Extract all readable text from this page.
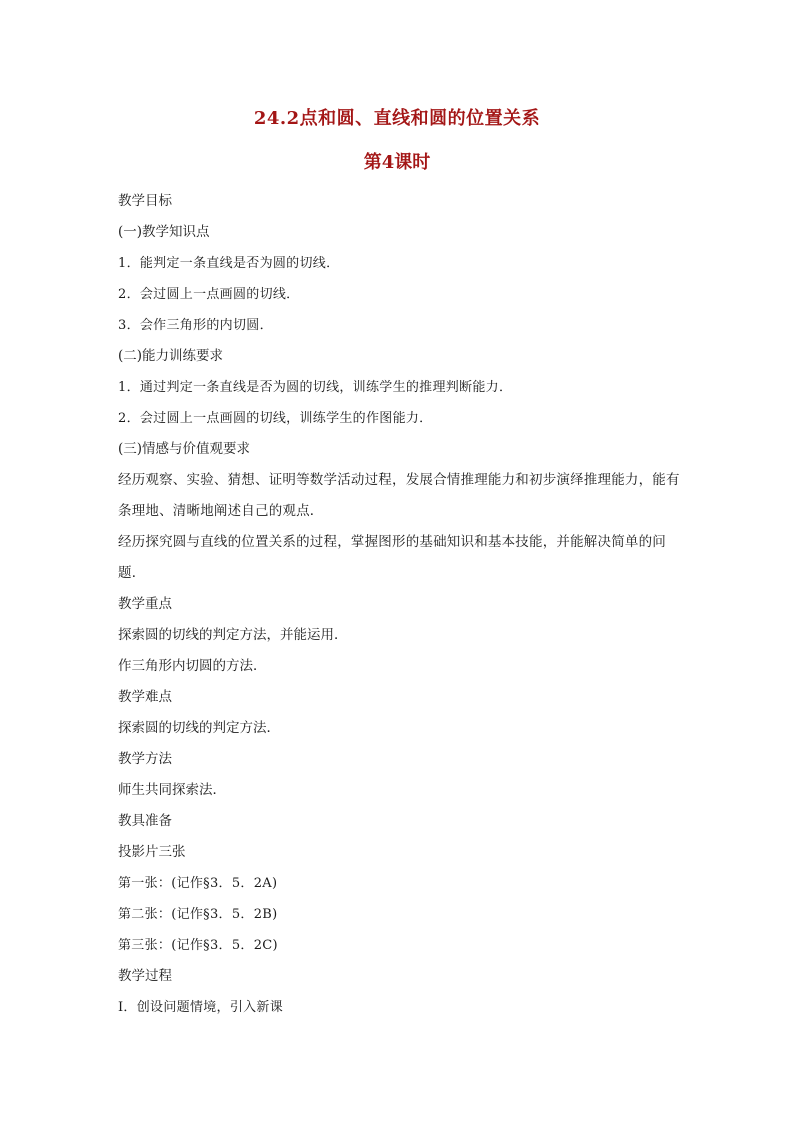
24.2点和圆、直线和圆的位置关系
第4课时

教学目标

(一)教学知识点

1．能判定一条直线是否为圆的切线．

2．会过圆上一点画圆的切线．

3．会作三角形的内切圆．

(二)能力训练要求

1．通过判定一条直线是否为圆的切线，训练学生的推理判断能力．

2．会过圆上一点画圆的切线，训练学生的作图能力．

(三)情感与价值观要求

经历观察、实验、猜想、证明等数学活动过程，发展合情推理能力和初步演绎推理能力，能有条理地、清晰地阐述自己的观点．

经历探究圆与直线的位置关系的过程，掌握图形的基础知识和基本技能，并能解决简单的问题．

教学重点

探索圆的切线的判定方法，并能运用．

作三角形内切圆的方法．

教学难点

探索圆的切线的判定方法．

教学方法

师生共同探索法．

教具准备

投影片三张

第一张：(记作§3．5．2A)

第二张：(记作§3．5．2B)

第三张：(记作§3．5．2C)

教学过程

Ⅰ．创设问题情境，引入新课
